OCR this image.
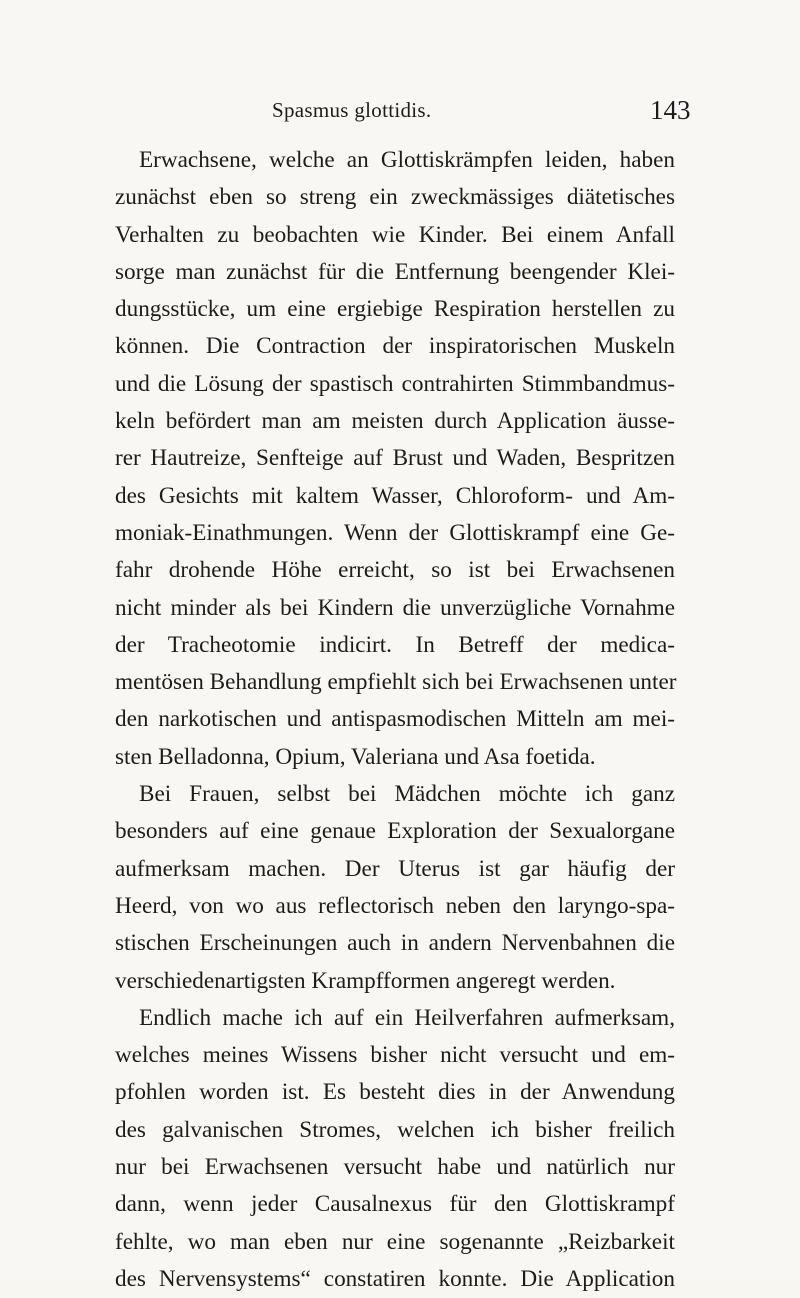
Spasmus glottidis.	143
Erwachsene, welche an Glottiskrämpfen leiden, haben
zunächst eben so streng ein zweckmässiges diätetisches
Verhalten zu beobachten wie Kinder. Bei einem Anfall
sorge man zunächst für die Entfernung beengender Klei-
dungsstücke, um eine ergiebige Respiration herstellen zu
können. Die Contraction der inspiratorischen Muskeln
und die Lösung der spastisch contrahirten Stimmbandmus-
keln befördert man am meisten durch Application äusse-
rer Hautreize, Senfteige auf Brust und Waden, Bespritzen
des Gesichts mit kaltem Wasser, Chloroform- und Am-
moniak-Einathmungen. Wenn der Glottiskrampf eine Ge-
fahr drohende Höhe erreicht, so ist bei Erwachsenen
nicht minder als bei Kindern die unverzügliche Vornahme
der Tracheotomie indicirt. In Betreff der medica-
mentösen Behandlung empfiehlt sich bei Erwachsenen unter
den narkotischen und antispasmodischen Mitteln am mei-
sten Belladonna, Opium, Valeriana und Asa foetida.
Bei Frauen, selbst bei Mädchen möchte ich ganz
besonders auf eine genaue Exploration der Sexualorgane
aufmerksam machen. Der Uterus ist gar häufig der
Heerd, von wo aus reflectorisch neben den laryngo-spa-
stischen Erscheinungen auch in andern Nervenbahnen die
verschiedenartigsten Krampfformen angeregt werden.
Endlich mache ich auf ein Heilverfahren aufmerksam,
welches meines Wissens bisher nicht versucht und em-
pfohlen worden ist. Es besteht dies in der Anwendung
des galvanischen Stromes, welchen ich bisher freilich
nur bei Erwachsenen versucht habe und natürlich nur
dann, wenn jeder Causalnexus für den Glottiskrampf
fehlte, wo man eben nur eine sogenannte „Reizbarkeit
des Nervensystems“ constatiren konnte. Die Application
